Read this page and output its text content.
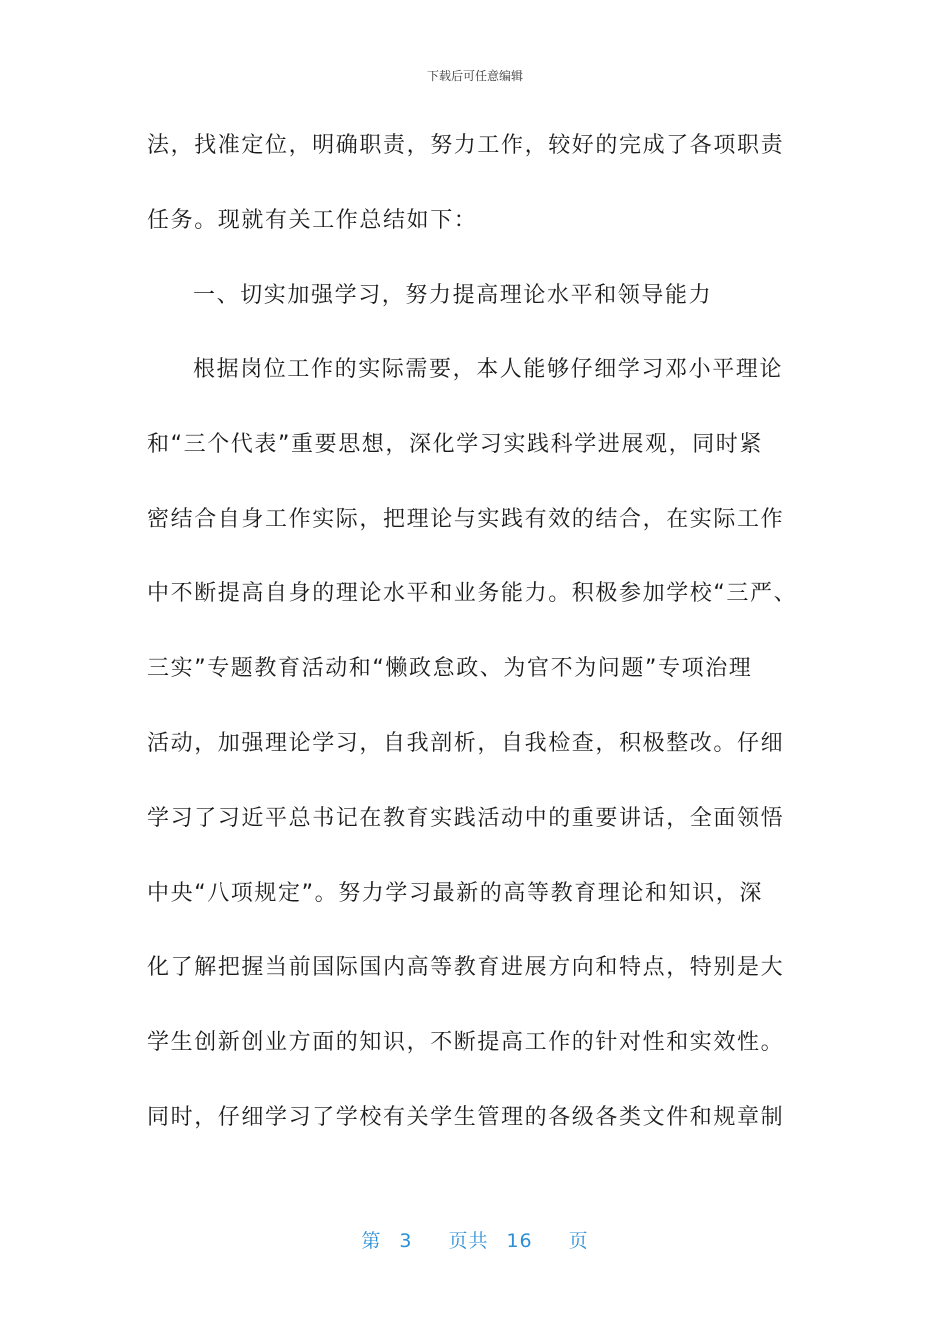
下载后可任意编辑
法，找准定位，明确职责，努力工作，较好的完成了各项职责
任务。现就有关工作总结如下：
一、切实加强学习，努力提高理论水平和领导能力
根据岗位工作的实际需要，本人能够仔细学习邓小平理论
和“三个代表”重要思想，深化学习实践科学进展观，同时紧
密结合自身工作实际，把理论与实践有效的结合，在实际工作
中不断提高自身的理论水平和业务能力。积极参加学校“三严、
三实”专题教育活动和“懒政怠政、为官不为问题”专项治理
活动，加强理论学习，自我剖析，自我检查，积极整改。仔细
学习了习近平总书记在教育实践活动中的重要讲话，全面领悟
中央“八项规定”。努力学习最新的高等教育理论和知识，深
化了解把握当前国际国内高等教育进展方向和特点，特别是大
学生创新创业方面的知识，不断提高工作的针对性和实效性。
同时，仔细学习了学校有关学生管理的各级各类文件和规章制
第 3 页共 16 页
